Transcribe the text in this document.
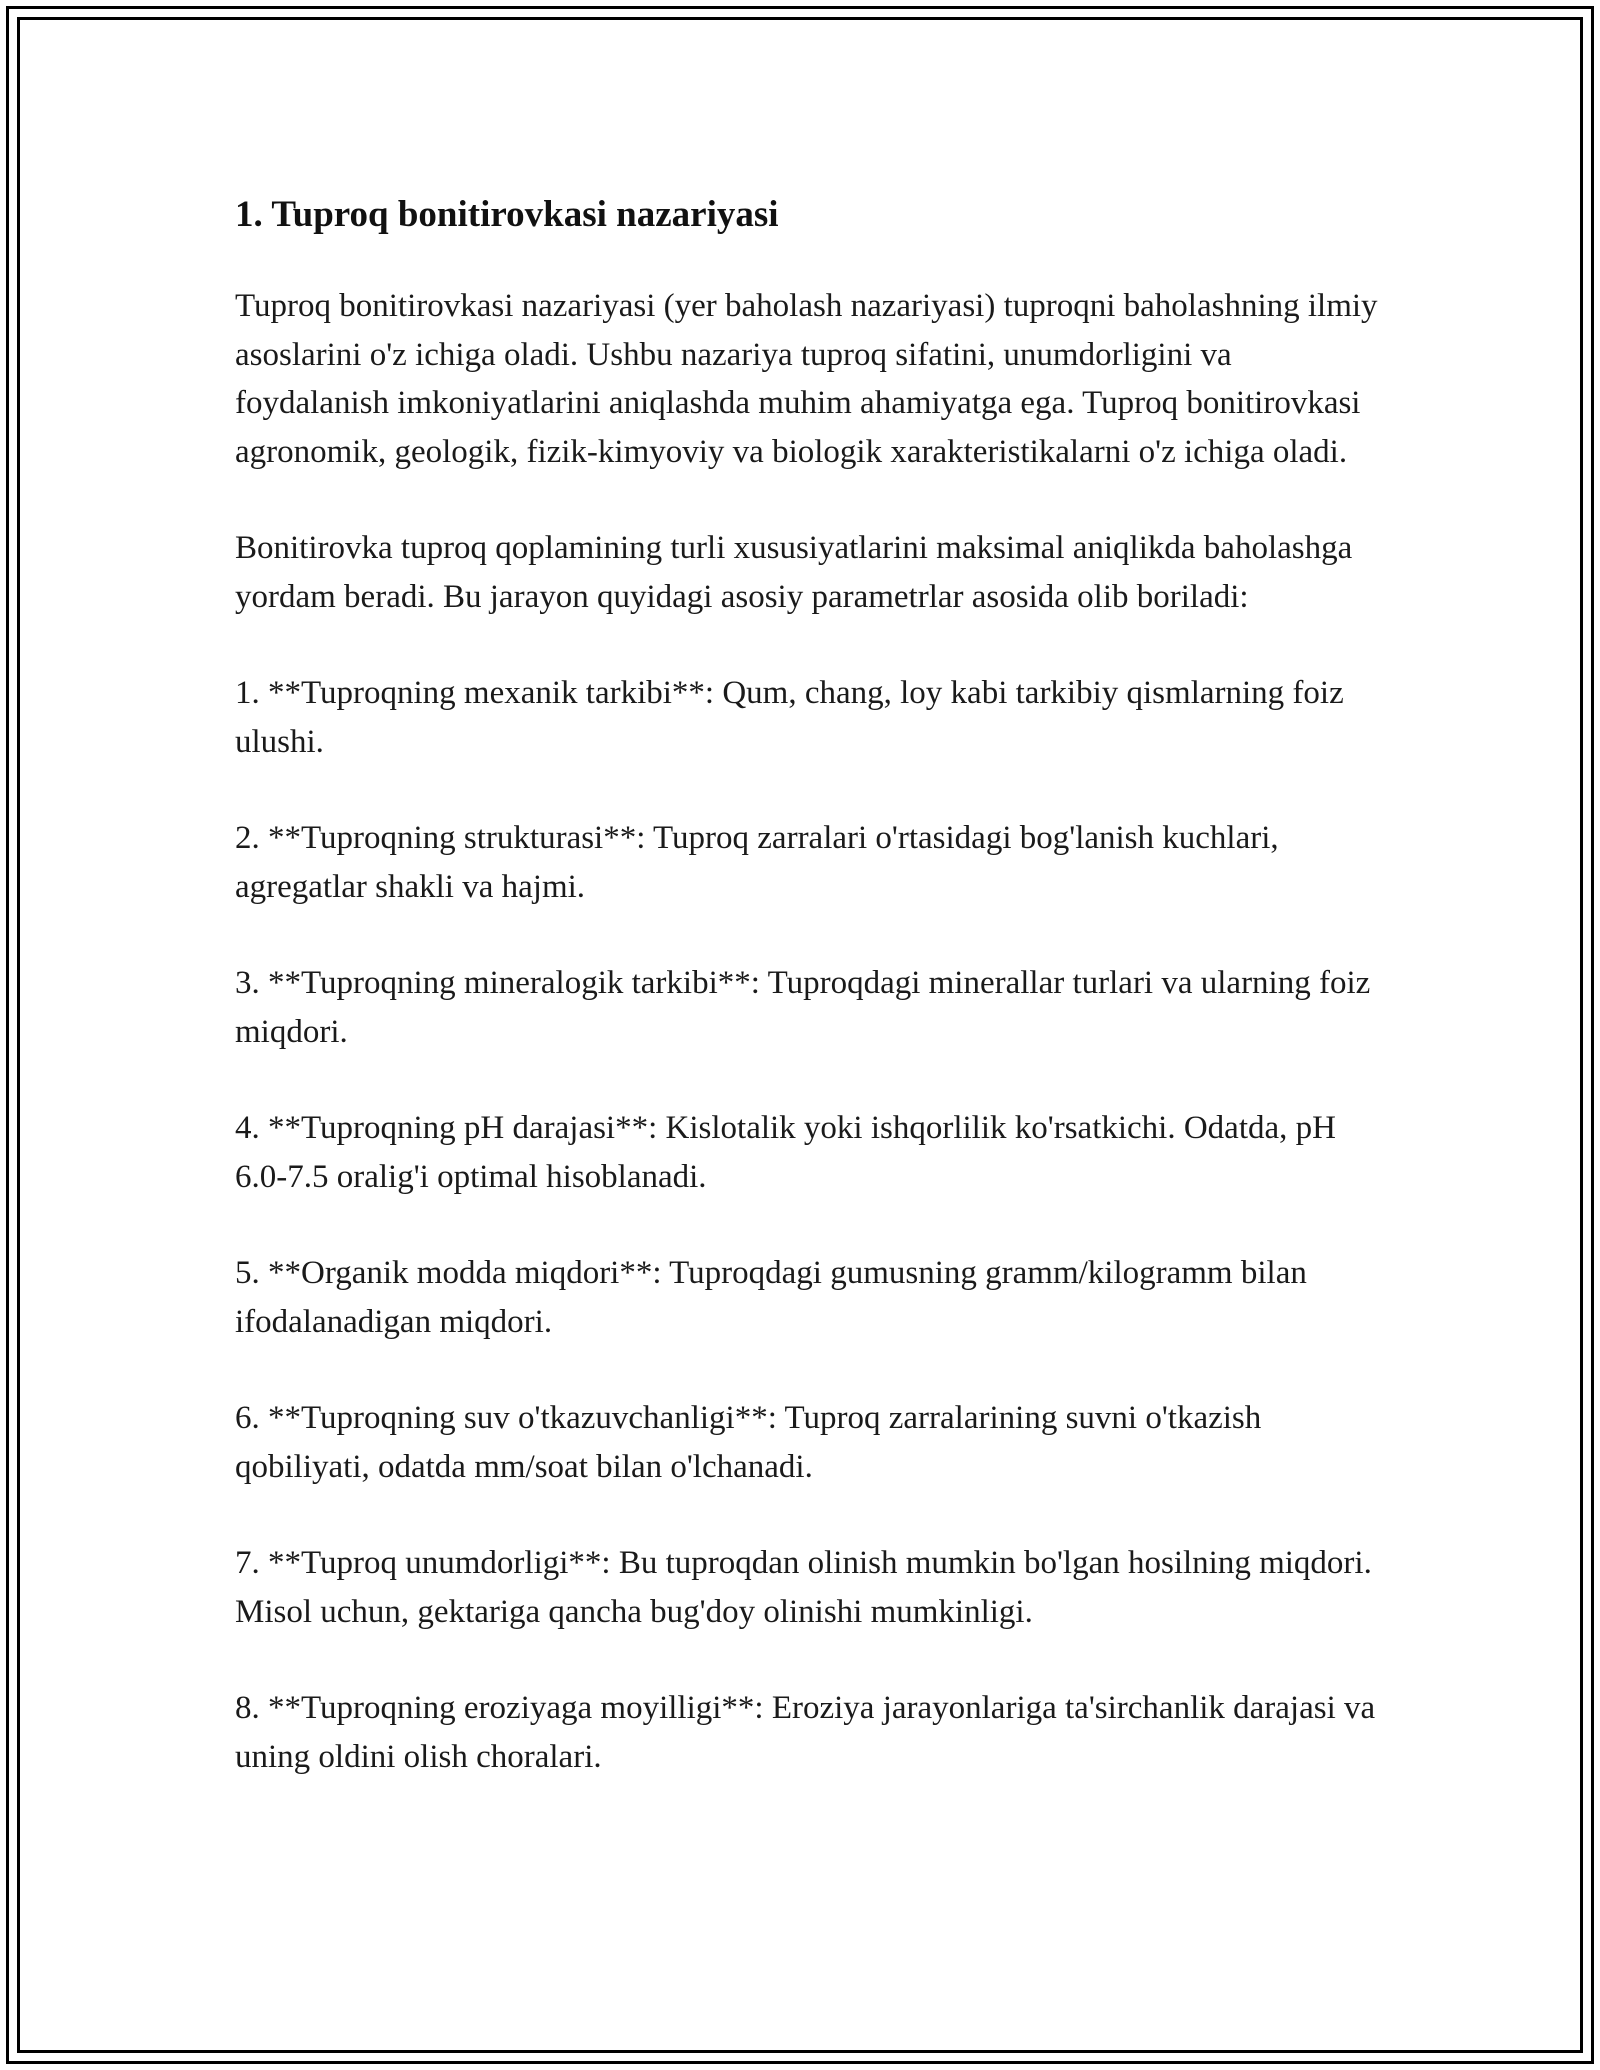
1. Tuproq bonitirovkasi nazariyasi

Tuproq bonitirovkasi nazariyasi (yer baholash nazariyasi) tuproqni baholashning ilmiy asoslarini o'z ichiga oladi. Ushbu nazariya tuproq sifatini, unumdorligini va foydalanish imkoniyatlarini aniqlashda muhim ahamiyatga ega. Tuproq bonitirovkasi agronomik, geologik, fizik-kimyoviy va biologik xarakteristikalarni o'z ichiga oladi.

Bonitirovka tuproq qoplamining turli xususiyatlarini maksimal aniqlikda baholashga yordam beradi. Bu jarayon quyidagi asosiy parametrlar asosida olib boriladi:

1. **Tuproqning mexanik tarkibi**: Qum, chang, loy kabi tarkibiy qismlarning foiz ulushi.
2. **Tuproqning strukturasi**: Tuproq zarralari o'rtasidagi bog'lanish kuchlari, agregatlar shakli va hajmi.
3. **Tuproqning mineralogik tarkibi**: Tuproqdagi minerallar turlari va ularning foiz miqdori.
4. **Tuproqning pH darajasi**: Kislotalik yoki ishqorlilik ko'rsatkichi. Odatda, pH 6.0-7.5 oralig'i optimal hisoblanadi.
5. **Organik modda miqdori**: Tuproqdagi gumusning gramm/kilogramm bilan ifodalanadigan miqdori.
6. **Tuproqning suv o'tkazuvchanligi**: Tuproq zarralarining suvni o'tkazish qobiliyati, odatda mm/soat bilan o'lchanadi.
7. **Tuproq unumdorligi**: Bu tuproqdan olinish mumkin bo'lgan hosilning miqdori. Misol uchun, gektariga qancha bug'doy olinishi mumkinligi.
8. **Tuproqning eroziyaga moyilligi**: Eroziya jarayonlariga ta'sirchanlik darajasi va uning oldini olish choralari.
